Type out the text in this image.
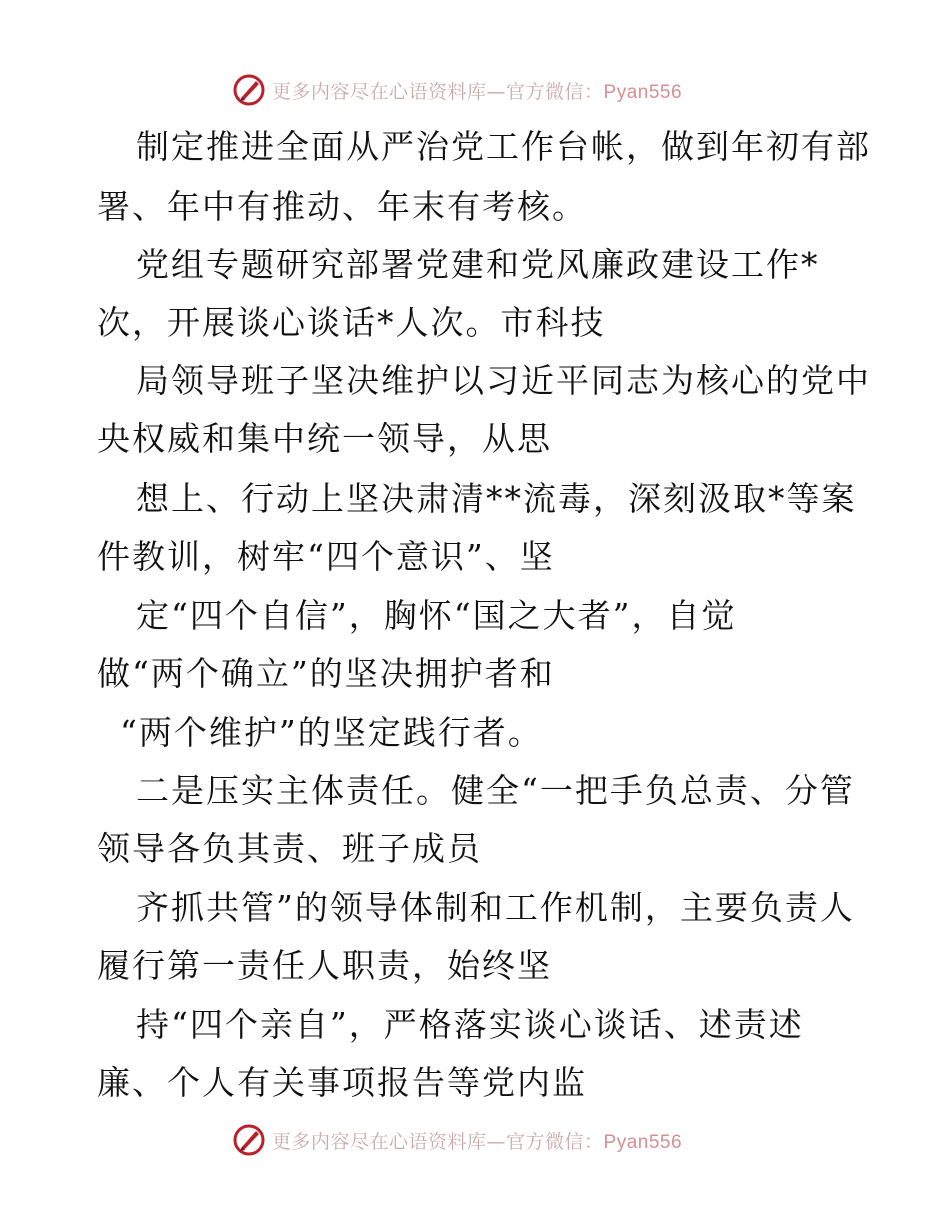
更多内容尽在心语资料库—官方微信：Pyan556
制定推进全面从严治党工作台帐，做到年初有部
署、年中有推动、年末有考核。
党组专题研究部署党建和党风廉政建设工作*
次，开展谈心谈话*人次。市科技
局领导班子坚决维护以习近平同志为核心的党中
央权威和集中统一领导，从思
想上、行动上坚决肃清**流毒，深刻汲取*等案
件教训，树牢“四个意识”、坚
定“四个自信”，胸怀“国之大者”，自觉
做“两个确立”的坚决拥护者和
“两个维护”的坚定践行者。
二是压实主体责任。健全“一把手负总责、分管
领导各负其责、班子成员
齐抓共管”的领导体制和工作机制，主要负责人
履行第一责任人职责，始终坚
持“四个亲自”，严格落实谈心谈话、述责述
廉、个人有关事项报告等党内监
更多内容尽在心语资料库—官方微信：Pyan556
